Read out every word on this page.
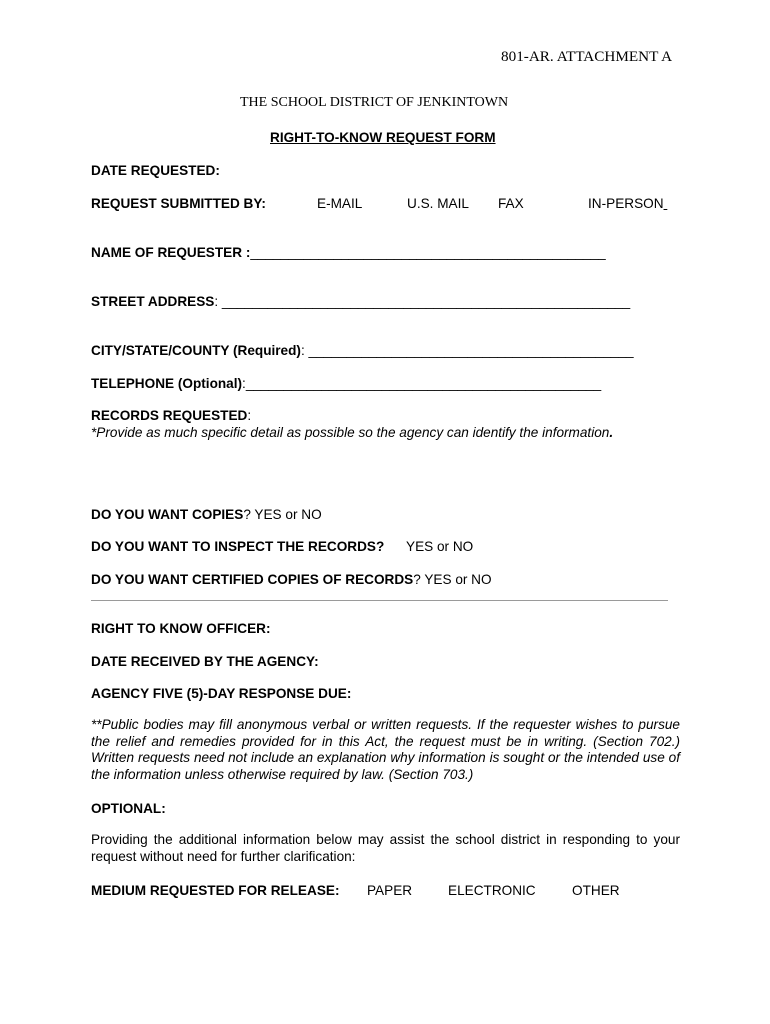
801-AR. ATTACHMENT A
THE SCHOOL DISTRICT OF JENKINTOWN
RIGHT-TO-KNOW REQUEST FORM
DATE REQUESTED:
REQUEST SUBMITTED BY:	E-MAIL	U.S. MAIL FAX	IN-PERSON
NAME OF REQUESTER :_______________________________________________
STREET ADDRESS: ______________________________________________________
CITY/STATE/COUNTY (Required): ___________________________________________
TELEPHONE (Optional):_______________________________________________
RECORDS REQUESTED:
*Provide as much specific detail as possible so the agency can identify the information.
DO YOU WANT COPIES? YES or NO
DO YOU WANT TO INSPECT THE RECORDS? YES or NO
DO YOU WANT CERTIFIED COPIES OF RECORDS? YES or NO
RIGHT TO KNOW OFFICER:
DATE RECEIVED BY THE AGENCY:
AGENCY FIVE (5)-DAY RESPONSE DUE:
**Public bodies may fill anonymous verbal or written requests. If the requester wishes to pursue the relief and remedies provided for in this Act, the request must be in writing. (Section 702.) Written requests need not include an explanation why information is sought or the intended use of the information unless otherwise required by law. (Section 703.)
OPTIONAL:
Providing the additional information below may assist the school district in responding to your request without need for further clarification:
MEDIUM REQUESTED FOR RELEASE: PAPER	ELECTRONIC	OTHER
